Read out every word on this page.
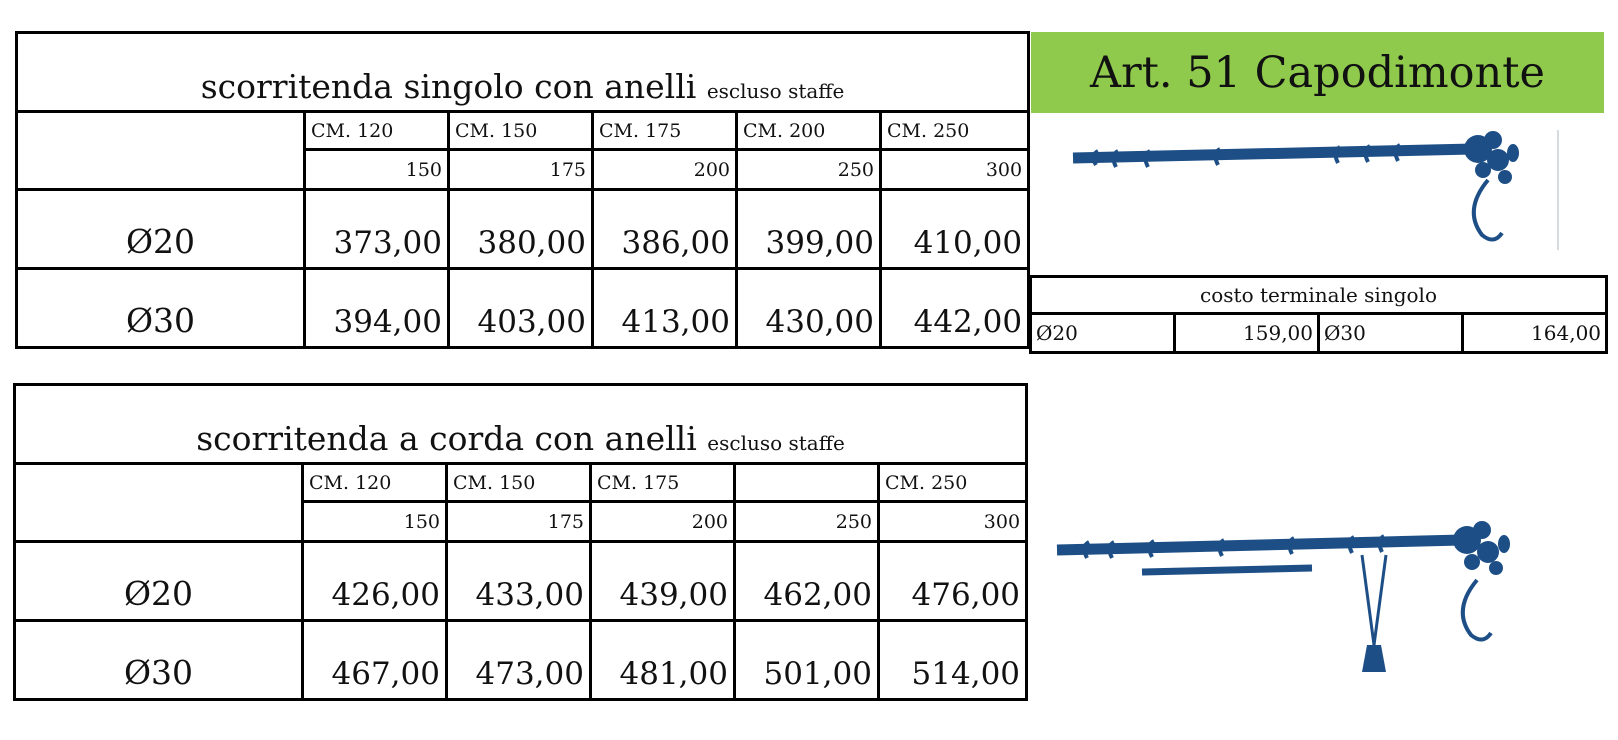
scorritenda singolo con anelli escluso staffe					
	CM. 120	CM. 150	CM. 175	CM. 200	CM. 250
	150	175	200	250	300
Ø20	373,00	380,00	386,00	399,00	410,00
Ø30	394,00	403,00	413,00	430,00	442,00
scorritenda a corda con anelli escluso staffe					
	CM. 120	CM. 150	CM. 175		CM. 250
	150	175	200	250	300
Ø20	426,00	433,00	439,00	462,00	476,00
Ø30	467,00	473,00	481,00	501,00	514,00
Art. 51 Capodimonte
costo terminale singolo
Ø20	159,00	Ø30	164,00
